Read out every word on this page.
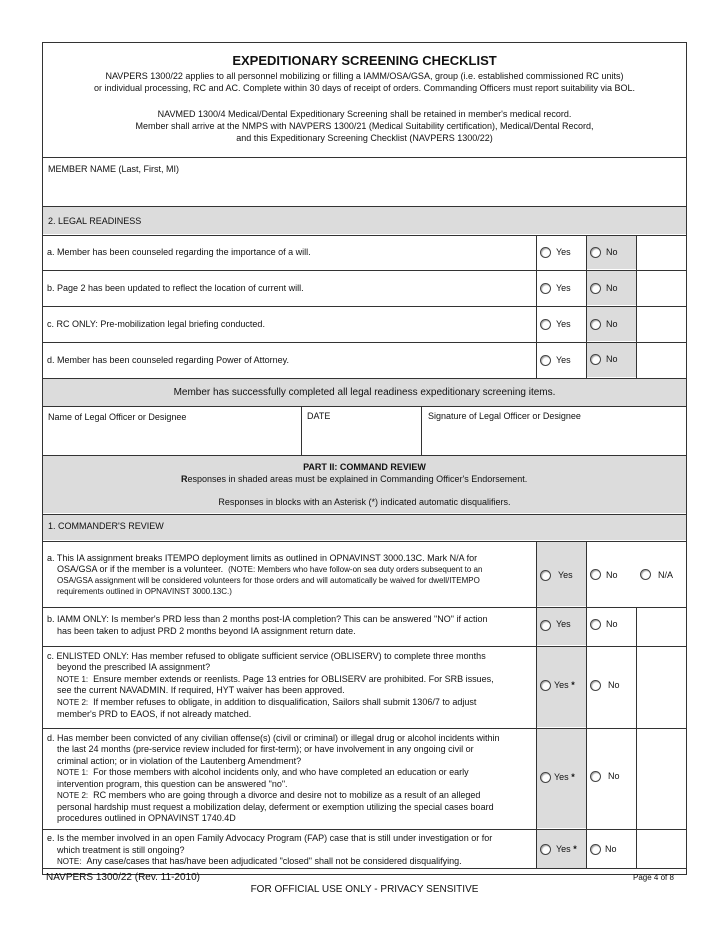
EXPEDITIONARY SCREENING CHECKLIST
NAVPERS 1300/22 applies to all personnel mobilizing or filling a IAMM/OSA/GSA, group (i.e. established commissioned RC units)
or individual processing, RC and AC. Complete within 30 days of receipt of orders. Commanding Officers must report suitability via BOL.
NAVMED 1300/4 Medical/Dental Expeditionary Screening shall be retained in member's medical record.
Member shall arrive at the NMPS with NAVPERS 1300/21 (Medical Suitability certification), Medical/Dental Record,
and this Expeditionary Screening Checklist (NAVPERS 1300/22)
MEMBER NAME (Last, First, MI)
2. LEGAL READINESS
a. Member has been counseled regarding the importance of a will.	Yes	No
b. Page 2 has been updated to reflect the location of current will.	Yes	No
c. RC ONLY: Pre-mobilization legal briefing conducted.	Yes	No
d. Member has been counseled regarding Power of Attorney.	Yes	No
Member has successfully completed all legal readiness expeditionary screening items.
Name of Legal Officer or Designee	DATE	Signature of Legal Officer or Designee
PART II: COMMAND REVIEW
Responses in shaded areas must be explained in Commanding Officer's Endorsement.
Responses in blocks with an Asterisk (*) indicated automatic disqualifiers.
1. COMMANDER'S REVIEW
a. This IA assignment breaks ITEMPO deployment limits as outlined in OPNAVINST 3000.13C. Mark N/A for
OSA/GSA or if the member is a volunteer. (NOTE: Members who have follow-on sea duty orders subsequent to an
OSA/GSA assignment will be considered volunteers for those orders and will automatically be waived for dwell/ITEMPO
requirements outlined in OPNAVINST 3000.13C.)
Yes	No	N/A
b. IAMM ONLY: Is member's PRD less than 2 months post-IA completion? This can be answered "NO" if action
has been taken to adjust PRD 2 months beyond IA assignment return date.
Yes	No
c. ENLISTED ONLY: Has member refused to obligate sufficient service (OBLISERV) to complete three months
beyond the prescribed IA assignment?
NOTE 1: Ensure member extends or reenlists. Page 13 entries for OBLISERV are prohibited. For SRB issues,
see the current NAVADMIN. If required, HYT waiver has been approved.
NOTE 2: If member refuses to obligate, in addition to disqualification, Sailors shall submit 1306/7 to adjust
member's PRD to EAOS, if not already matched.
Yes *	No
d. Has member been convicted of any civilian offense(s) (civil or criminal) or illegal drug or alcohol incidents within
the last 24 months (pre-service review included for first-term); or have involvement in any ongoing civil or
criminal action; or in violation of the Lautenberg Amendment?
NOTE 1: For those members with alcohol incidents only, and who have completed an education or early
intervention program, this question can be answered "no".
NOTE 2: RC members who are going through a divorce and desire not to mobilize as a result of an alleged
personal hardship must request a mobilization delay, deferment or exemption utilizing the special cases board
procedures outlined in OPNAVINST 1740.4D
Yes *	No
e. Is the member involved in an open Family Advocacy Program (FAP) case that is still under investigation or for
which treatment is still ongoing?
NOTE: Any case/cases that has/have been adjudicated "closed" shall not be considered disqualifying.
Yes *	No
NAVPERS 1300/22 (Rev. 11-2010)	Page 4 of 8
FOR OFFICIAL USE ONLY - PRIVACY SENSITIVE
